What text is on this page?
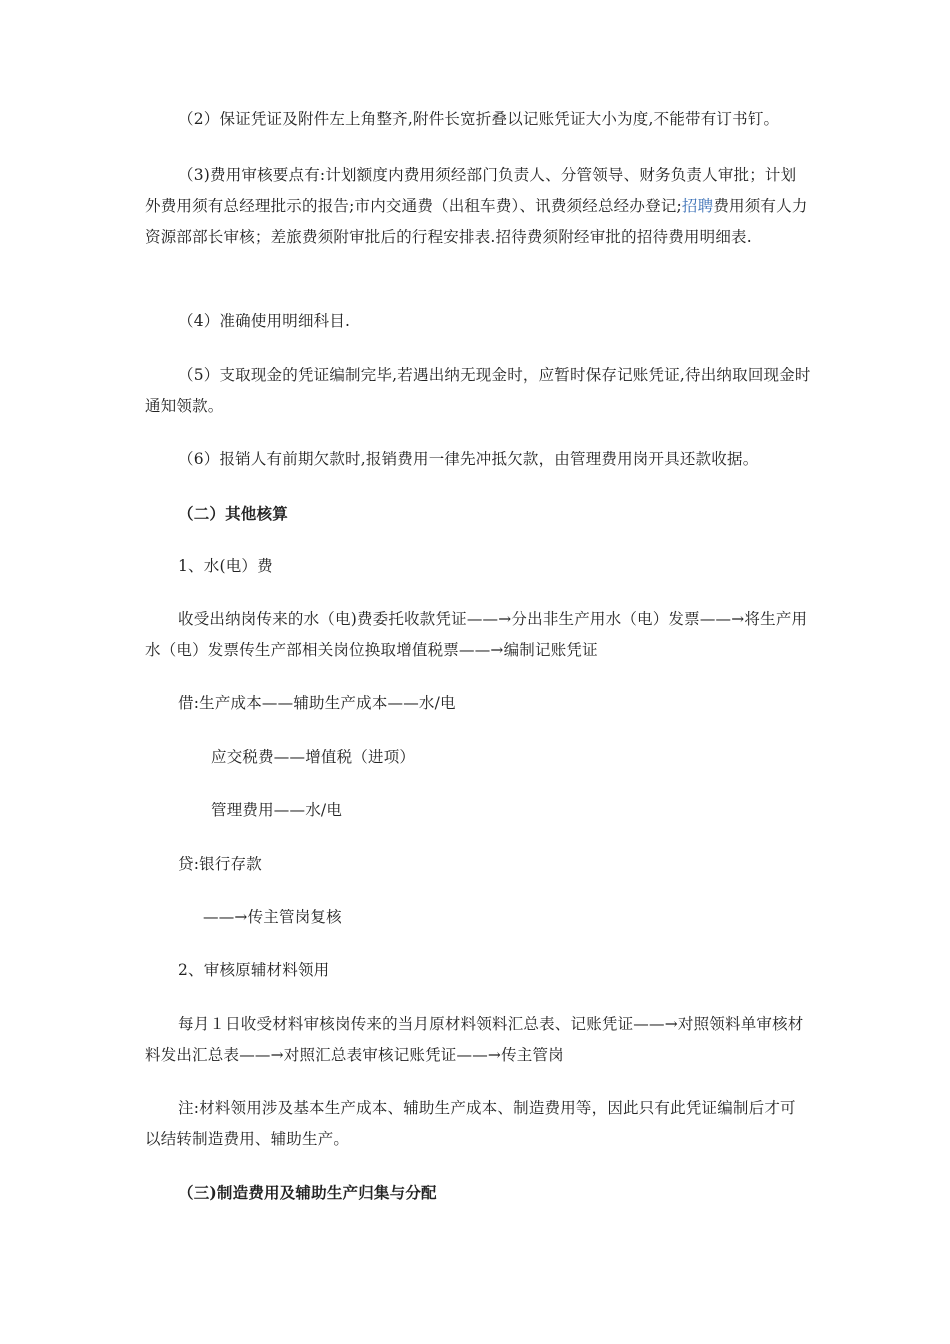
（2）保证凭证及附件左上角整齐,附件长宽折叠以记账凭证大小为度,不能带有订书钉。

（3)费用审核要点有:计划额度内费用须经部门负责人、分管领导、财务负责人审批；计划外费用须有总经理批示的报告;市内交通费（出租车费）、讯费须经总经办登记;招聘费用须有人力资源部部长审核；差旅费须附审批后的行程安排表.招待费须附经审批的招待费用明细表.

（4）准确使用明细科目.

（5）支取现金的凭证编制完毕,若遇出纳无现金时，应暂时保存记账凭证,待出纳取回现金时通知领款。

（6）报销人有前期欠款时,报销费用一律先冲抵欠款，由管理费用岗开具还款收据。

（二）其他核算

1、水(电）费

收受出纳岗传来的水（电)费委托收款凭证——→分出非生产用水（电）发票——→将生产用水（电）发票传生产部相关岗位换取增值税票——→编制记账凭证

借:生产成本——辅助生产成本——水/电

应交税费——增值税（进项）

管理费用——水/电

贷:银行存款

——→传主管岗复核

2、审核原辅材料领用

每月１日收受材料审核岗传来的当月原材料领料汇总表、记账凭证——→对照领料单审核材料发出汇总表——→对照汇总表审核记账凭证——→传主管岗

注:材料领用涉及基本生产成本、辅助生产成本、制造费用等，因此只有此凭证编制后才可以结转制造费用、辅助生产。

（三)制造费用及辅助生产归集与分配
